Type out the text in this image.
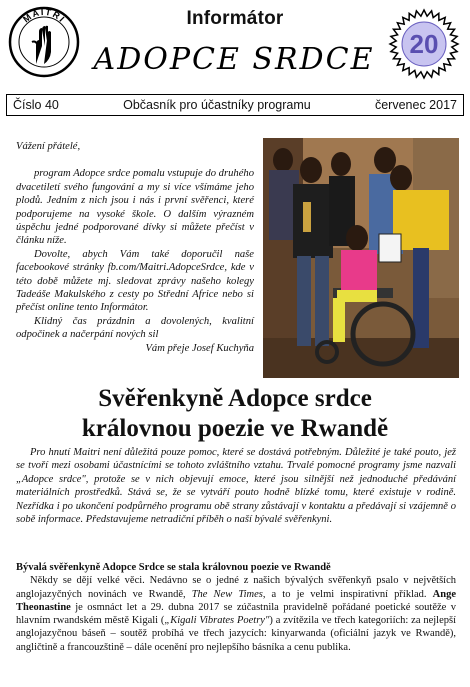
MAITRI	Informátor
ADOPCE SRDCE	20
Číslo 40	Občasník pro účastníky programu	červenec 2017

Vážení přátelé,

program Adopce srdce pomalu vstupuje do druhého dvacetiletí svého fungování a my si více všímáme jeho plodů. Jedním z nich jsou i nás i první svěřenci, které podporujeme na vysoké škole. O dalším výrazném úspěchu jedné podporované dívky si můžete přečíst v článku níže.

Dovolte, abych Vám také doporučil naše facebookové stránky fb.com/Maitri.AdopceSrdce, kde v této době můžete mj. sledovat zprávy našeho kolegy Tadeáše Makulského z cesty po Střední Africe nebo si přečíst online tento Informátor.

Klidný čas prázdnin a dovolených, kvalitní odpočinek a načerpání nových sil

Vám přeje Josef Kuchyňa

Svěřenkyně Adopce srdce
královnou poezie ve Rwandě

Pro hnutí Maitri není důležitá pouze pomoc, které se dostává potřebným. Důležité je také pouto, jež se tvoří mezi osobami účastnícími se tohoto zvláštního vztahu. Trvalé pomocné programy jsme nazvali „Adopce srdce", protože se v nich objevují emoce, které jsou silnější než jednoduché předávání materiálních prostředků. Stává se, že se vytváří pouto hodně blízké tomu, které existuje v rodině. Nezřídka i po ukončení podpůrného programu obě strany zůstávají v kontaktu a předávají si vzájemně o sobě informace. Představujeme netradiční příběh o naší bývalé svěřenkyni.

Bývalá svěřenkyně Adopce Srdce se stala královnou poezie ve Rwandě

Někdy se dějí velké věci. Nedávno se o jedné z našich bývalých svěřenkyň psalo v největších anglojazyčných novinách ve Rwandě, The New Times, a to je velmi inspirativní příklad. Ange Theonastine je osmnáct let a 29. dubna 2017 se zúčastnila pravidelně pořádané poetické soutěže v hlavním rwandském městě Kigali („Kigali Vibrates Poetry") a zvítězila ve třech kategoriích: za nejlepší anglojazyčnou báseň – soutěž probíhá ve třech jazycích: kinyarwanda (oficiální jazyk ve Rwandě), angličtině a francouzštině – dále ocenění pro nejlepšího básníka a cenu publika.
